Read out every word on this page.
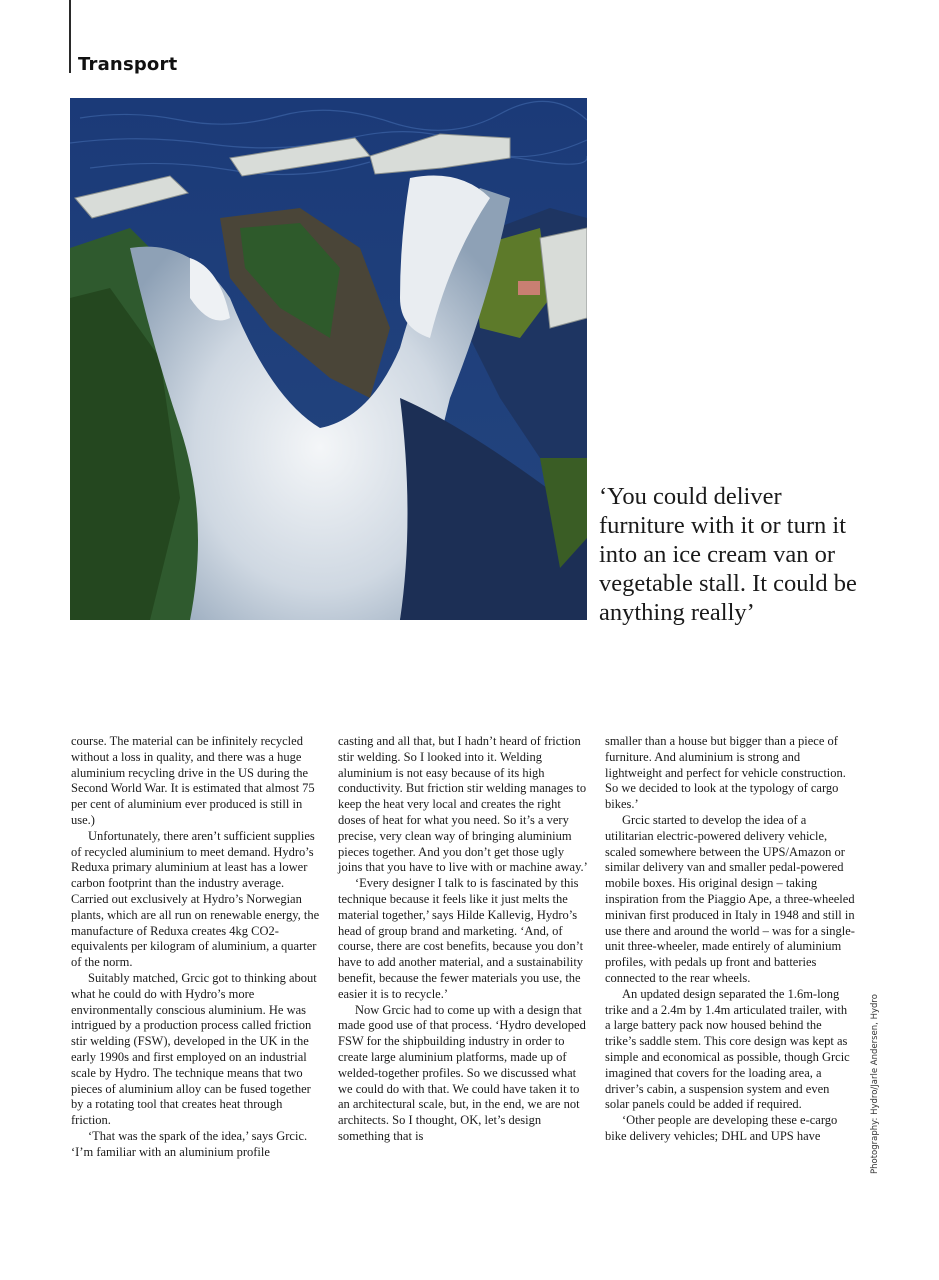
Transport
‘You could deliver furniture with it or turn it into an ice cream van or vegetable stall. It could be anything really’

course. The material can be infinitely recycled without a loss in quality, and there was a huge aluminium recycling drive in the US during the Second World War. It is estimated that almost 75 per cent of aluminium ever produced is still in use.)

Unfortunately, there aren’t sufficient supplies of recycled aluminium to meet demand. Hydro’s Reduxa primary aluminium at least has a lower carbon footprint than the industry average. Carried out exclusively at Hydro’s Norwegian plants, which are all run on renewable energy, the manufacture of Reduxa creates 4kg CO2-equivalents per kilogram of aluminium, a quarter of the norm.

Suitably matched, Grcic got to thinking about what he could do with Hydro’s more environmentally conscious aluminium. He was intrigued by a production process called friction stir welding (FSW), developed in the UK in the early 1990s and first employed on an industrial scale by Hydro. The technique means that two pieces of aluminium alloy can be fused together by a rotating tool that creates heat through friction.

‘That was the spark of the idea,’ says Grcic. ‘I’m familiar with an aluminium profile

casting and all that, but I hadn’t heard of friction stir welding. So I looked into it. Welding aluminium is not easy because of its high conductivity. But friction stir welding manages to keep the heat very local and creates the right doses of heat for what you need. So it’s a very precise, very clean way of bringing aluminium pieces together. And you don’t get those ugly joins that you have to live with or machine away.’

‘Every designer I talk to is fascinated by this technique because it feels like it just melts the material together,’ says Hilde Kallevig, Hydro’s head of group brand and marketing. ‘And, of course, there are cost benefits, because you don’t have to add another material, and a sustainability benefit, because the fewer materials you use, the easier it is to recycle.’

Now Grcic had to come up with a design that made good use of that process. ‘Hydro developed FSW for the shipbuilding industry in order to create large aluminium platforms, made up of welded-together profiles. So we discussed what we could do with that. We could have taken it to an architectural scale, but, in the end, we are not architects. So I thought, OK, let’s design something that is

smaller than a house but bigger than a piece of furniture. And aluminium is strong and lightweight and perfect for vehicle construction. So we decided to look at the typology of cargo bikes.’

Grcic started to develop the idea of a utilitarian electric-powered delivery vehicle, scaled somewhere between the UPS/Amazon or similar delivery van and smaller pedal-powered mobile boxes. His original design – taking inspiration from the Piaggio Ape, a three-wheeled minivan first produced in Italy in 1948 and still in use there and around the world – was for a single-unit three-wheeler, made entirely of aluminium profiles, with pedals up front and batteries connected to the rear wheels.

An updated design separated the 1.6m-long trike and a 2.4m by 1.4m articulated trailer, with a large battery pack now housed behind the trike’s saddle stem. This core design was kept as simple and economical as possible, though Grcic imagined that covers for the loading area, a driver’s cabin, a suspension system and even solar panels could be added if required.

‘Other people are developing these e-cargo bike delivery vehicles; DHL and UPS have	Photography: Hydro/Jarle Andersen, Hydro
